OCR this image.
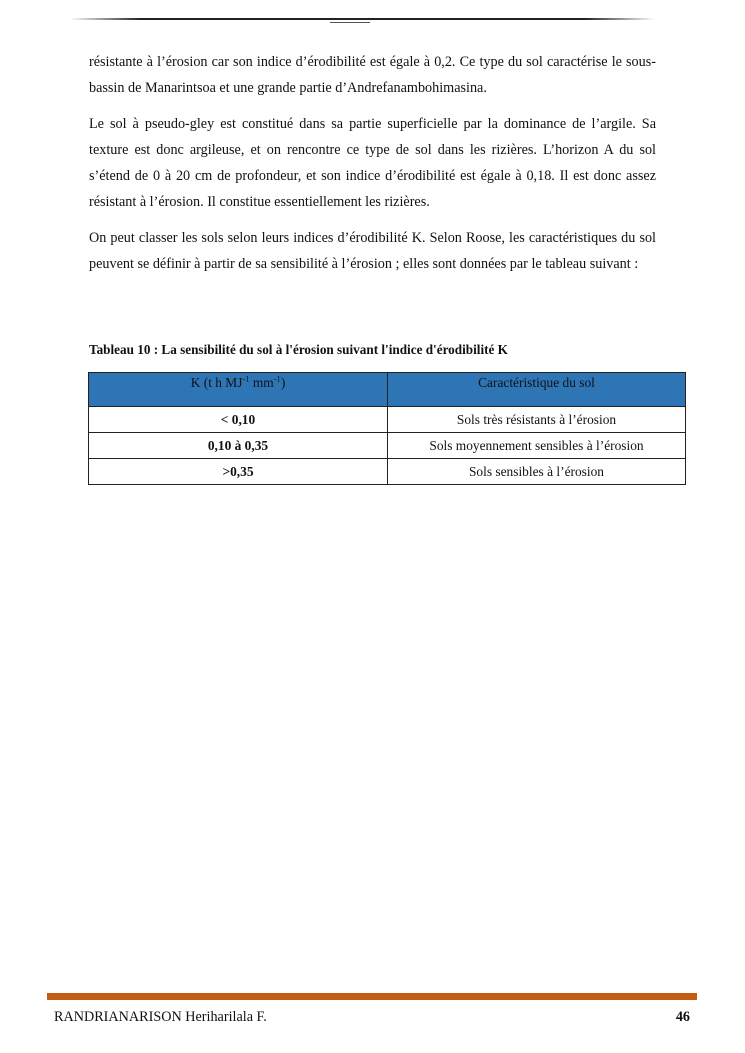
résistante à l’érosion car son indice d’érodibilité est égale à 0,2. Ce type du sol caractérise le sous-bassin de Manarintsoa et une grande partie d’Andrefanambohimasina.

Le sol à pseudo-gley est constitué dans sa partie superficielle par la dominance de l’argile. Sa texture est donc argileuse, et on rencontre ce type de sol dans les rizières. L’horizon A du sol s’étend de 0 à 20 cm de profondeur, et son indice d’érodibilité est égale à 0,18. Il est donc assez résistant à l’érosion. Il constitue essentiellement les rizières.

On peut classer les sols selon leurs indices d’érodibilité K. Selon Roose, les caractéristiques du sol peuvent se définir à partir de sa sensibilité à l’érosion ; elles sont données par le tableau suivant :

Tableau 10 : La sensibilité du sol à l'érosion suivant l'indice d'érodibilité K
K (t h $MJ^{-1}$ $mm^{-1}$)	Caractéristique du sol
< 0,10	Sols très résistants à l’érosion
0,10 à 0,35	Sols moyennement sensibles à l’érosion
>0,35	Sols sensibles à l’érosion
RANDRIANARISON Heriharilala F.	46
